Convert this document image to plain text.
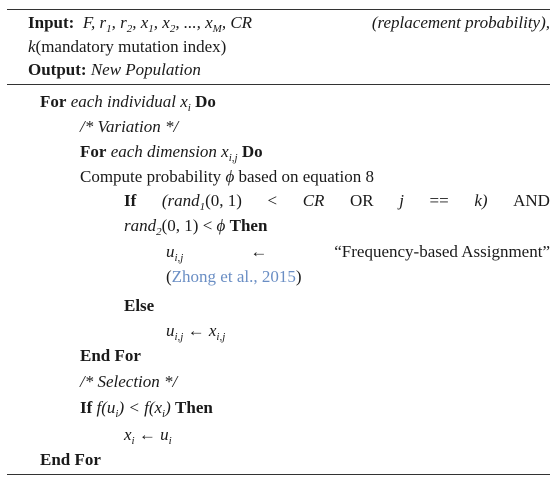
Input: F, $r_1$, $r_2$, $x_1$, $x_2$, ..., $x_M$, CR	(replacement probability),
k(mandatory mutation index)
Output: New Population
For each individual $x_i$ Do
/* Variation */
For each dimension $x_{i,j}$ Do
Compute probability ϕ based on equation 8
If (rand$_1$(0, 1) < CR OR j == k) AND
rand$_2$(0, 1) < ϕ Then
$u_{i,j}$	←	“Frequency-based Assignment”
(Zhong et al., 2015)
Else
$u_{i,j}$ ← $x_{i,j}$
End For
/* Selection */
If $f(u_i) < f(x_i)$ Then
$x_i$ ← $u_i$
End For
